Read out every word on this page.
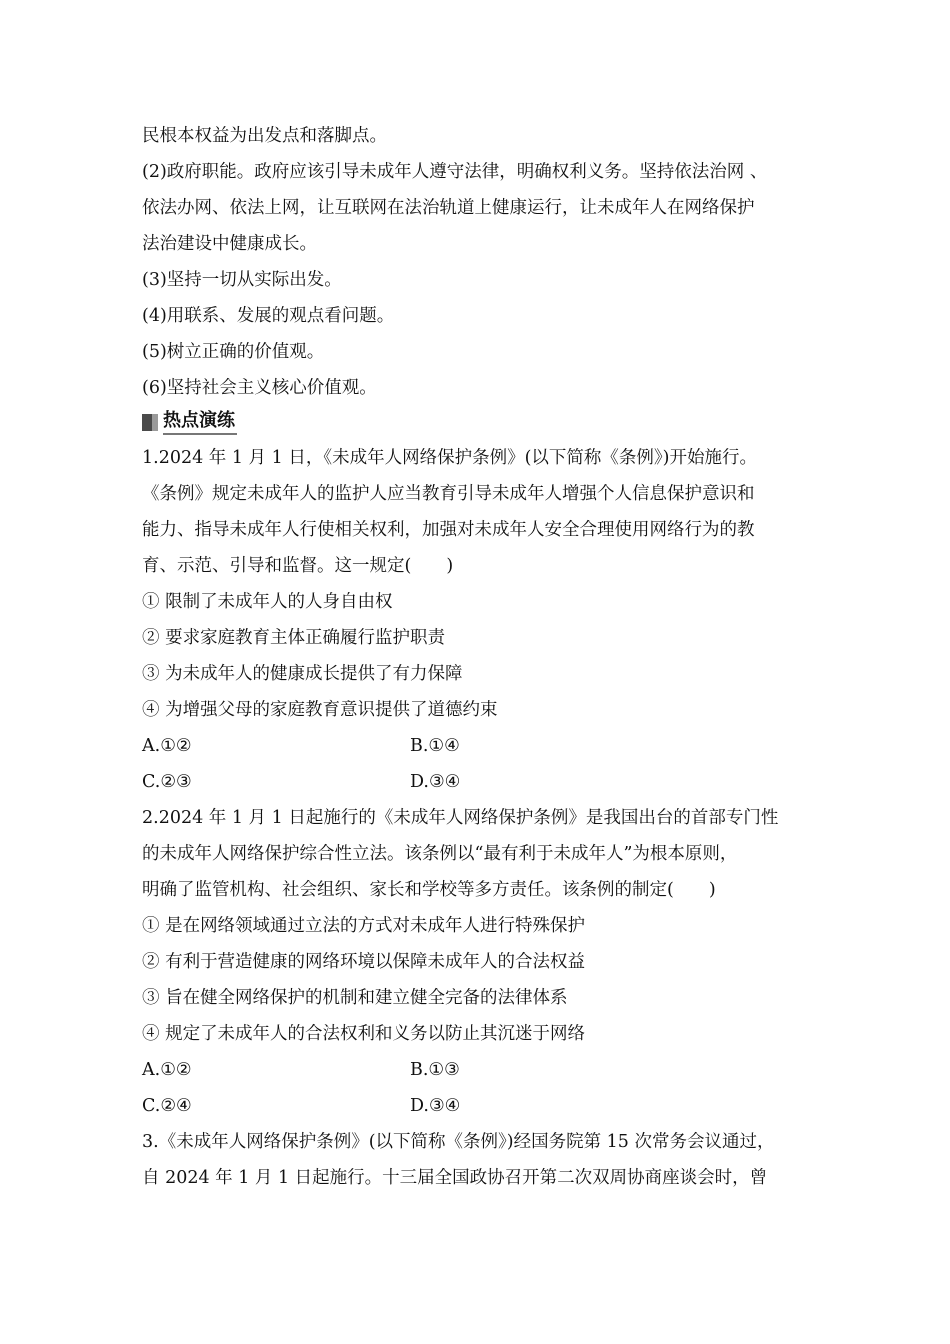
民根本权益为出发点和落脚点。
(2)政府职能。政府应该引导未成年人遵守法律，明确权利义务。坚持依法治网 、
依法办网、依法上网，让互联网在法治轨道上健康运行，让未成年人在网络保护
法治建设中健康成长。
(3)坚持一切从实际出发。
(4)用联系、发展的观点看问题。
(5)树立正确的价值观。
(6)坚持社会主义核心价值观。
热点演练
1.2024 年 1 月 1 日，《未成年人网络保护条例》(以下简称《条例》)开始施行。
《条例》规定未成年人的监护人应当教育引导未成年人增强个人信息保护意识和
能力、指导未成年人行使相关权利，加强对未成年人安全合理使用网络行为的教
育、示范、引导和监督。这一规定(　　)
① 限制了未成年人的人身自由权
② 要求家庭教育主体正确履行监护职责
③ 为未成年人的健康成长提供了有力保障
④ 为增强父母的家庭教育意识提供了道德约束
A.①②	B.①④
C.②③	D.③④
2.2024 年 1 月 1 日起施行的《未成年人网络保护条例》是我国出台的首部专门性
的未成年人网络保护综合性立法。该条例以“最有利于未成年人”为根本原则，
明确了监管机构、社会组织、家长和学校等多方责任。该条例的制定(　　)
① 是在网络领域通过立法的方式对未成年人进行特殊保护
② 有利于营造健康的网络环境以保障未成年人的合法权益
③ 旨在健全网络保护的机制和建立健全完备的法律体系
④ 规定了未成年人的合法权利和义务以防止其沉迷于网络
A.①②	B.①③
C.②④	D.③④
3.《未成年人网络保护条例》(以下简称《条例》)经国务院第 15 次常务会议通过，
自 2024 年 1 月 1 日起施行。十三届全国政协召开第二次双周协商座谈会时，曾
